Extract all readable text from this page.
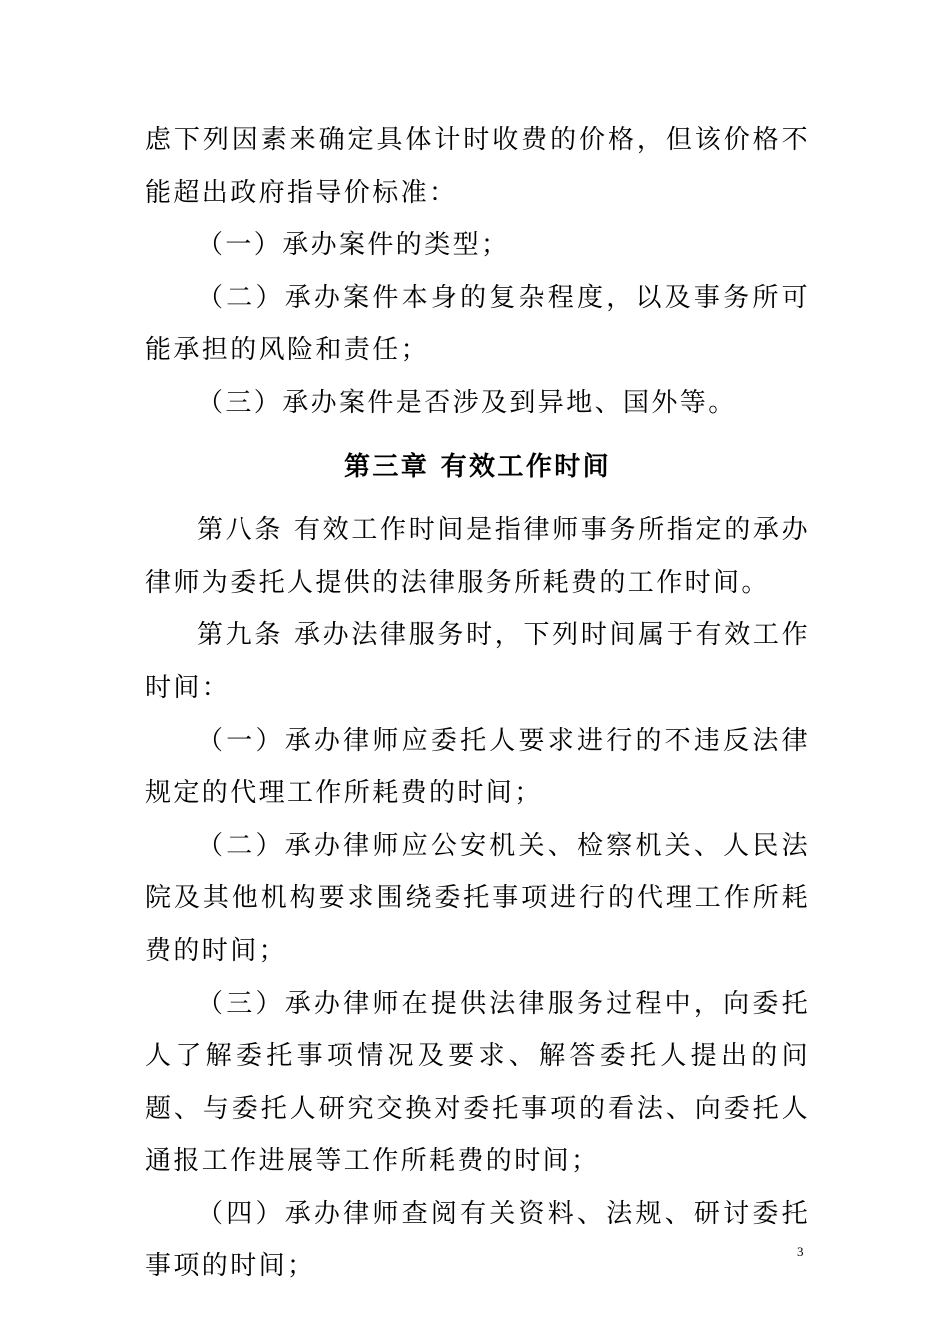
虑下列因素来确定具体计时收费的价格，但该价格不能超出政府指导价标准：

（一）承办案件的类型；

（二）承办案件本身的复杂程度，以及事务所可能承担的风险和责任；

（三）承办案件是否涉及到异地、国外等。

第三章 有效工作时间

第八条 有效工作时间是指律师事务所指定的承办律师为委托人提供的法律服务所耗费的工作时间。

第九条 承办法律服务时，下列时间属于有效工作时间：

（一）承办律师应委托人要求进行的不违反法律规定的代理工作所耗费的时间；

（二）承办律师应公安机关、检察机关、人民法院及其他机构要求围绕委托事项进行的代理工作所耗费的时间；

（三）承办律师在提供法律服务过程中，向委托人了解委托事项情况及要求、解答委托人提出的问题、与委托人研究交换对委托事项的看法、向委托人通报工作进展等工作所耗费的时间；

（四）承办律师查阅有关资料、法规、研讨委托事项的时间；	3
